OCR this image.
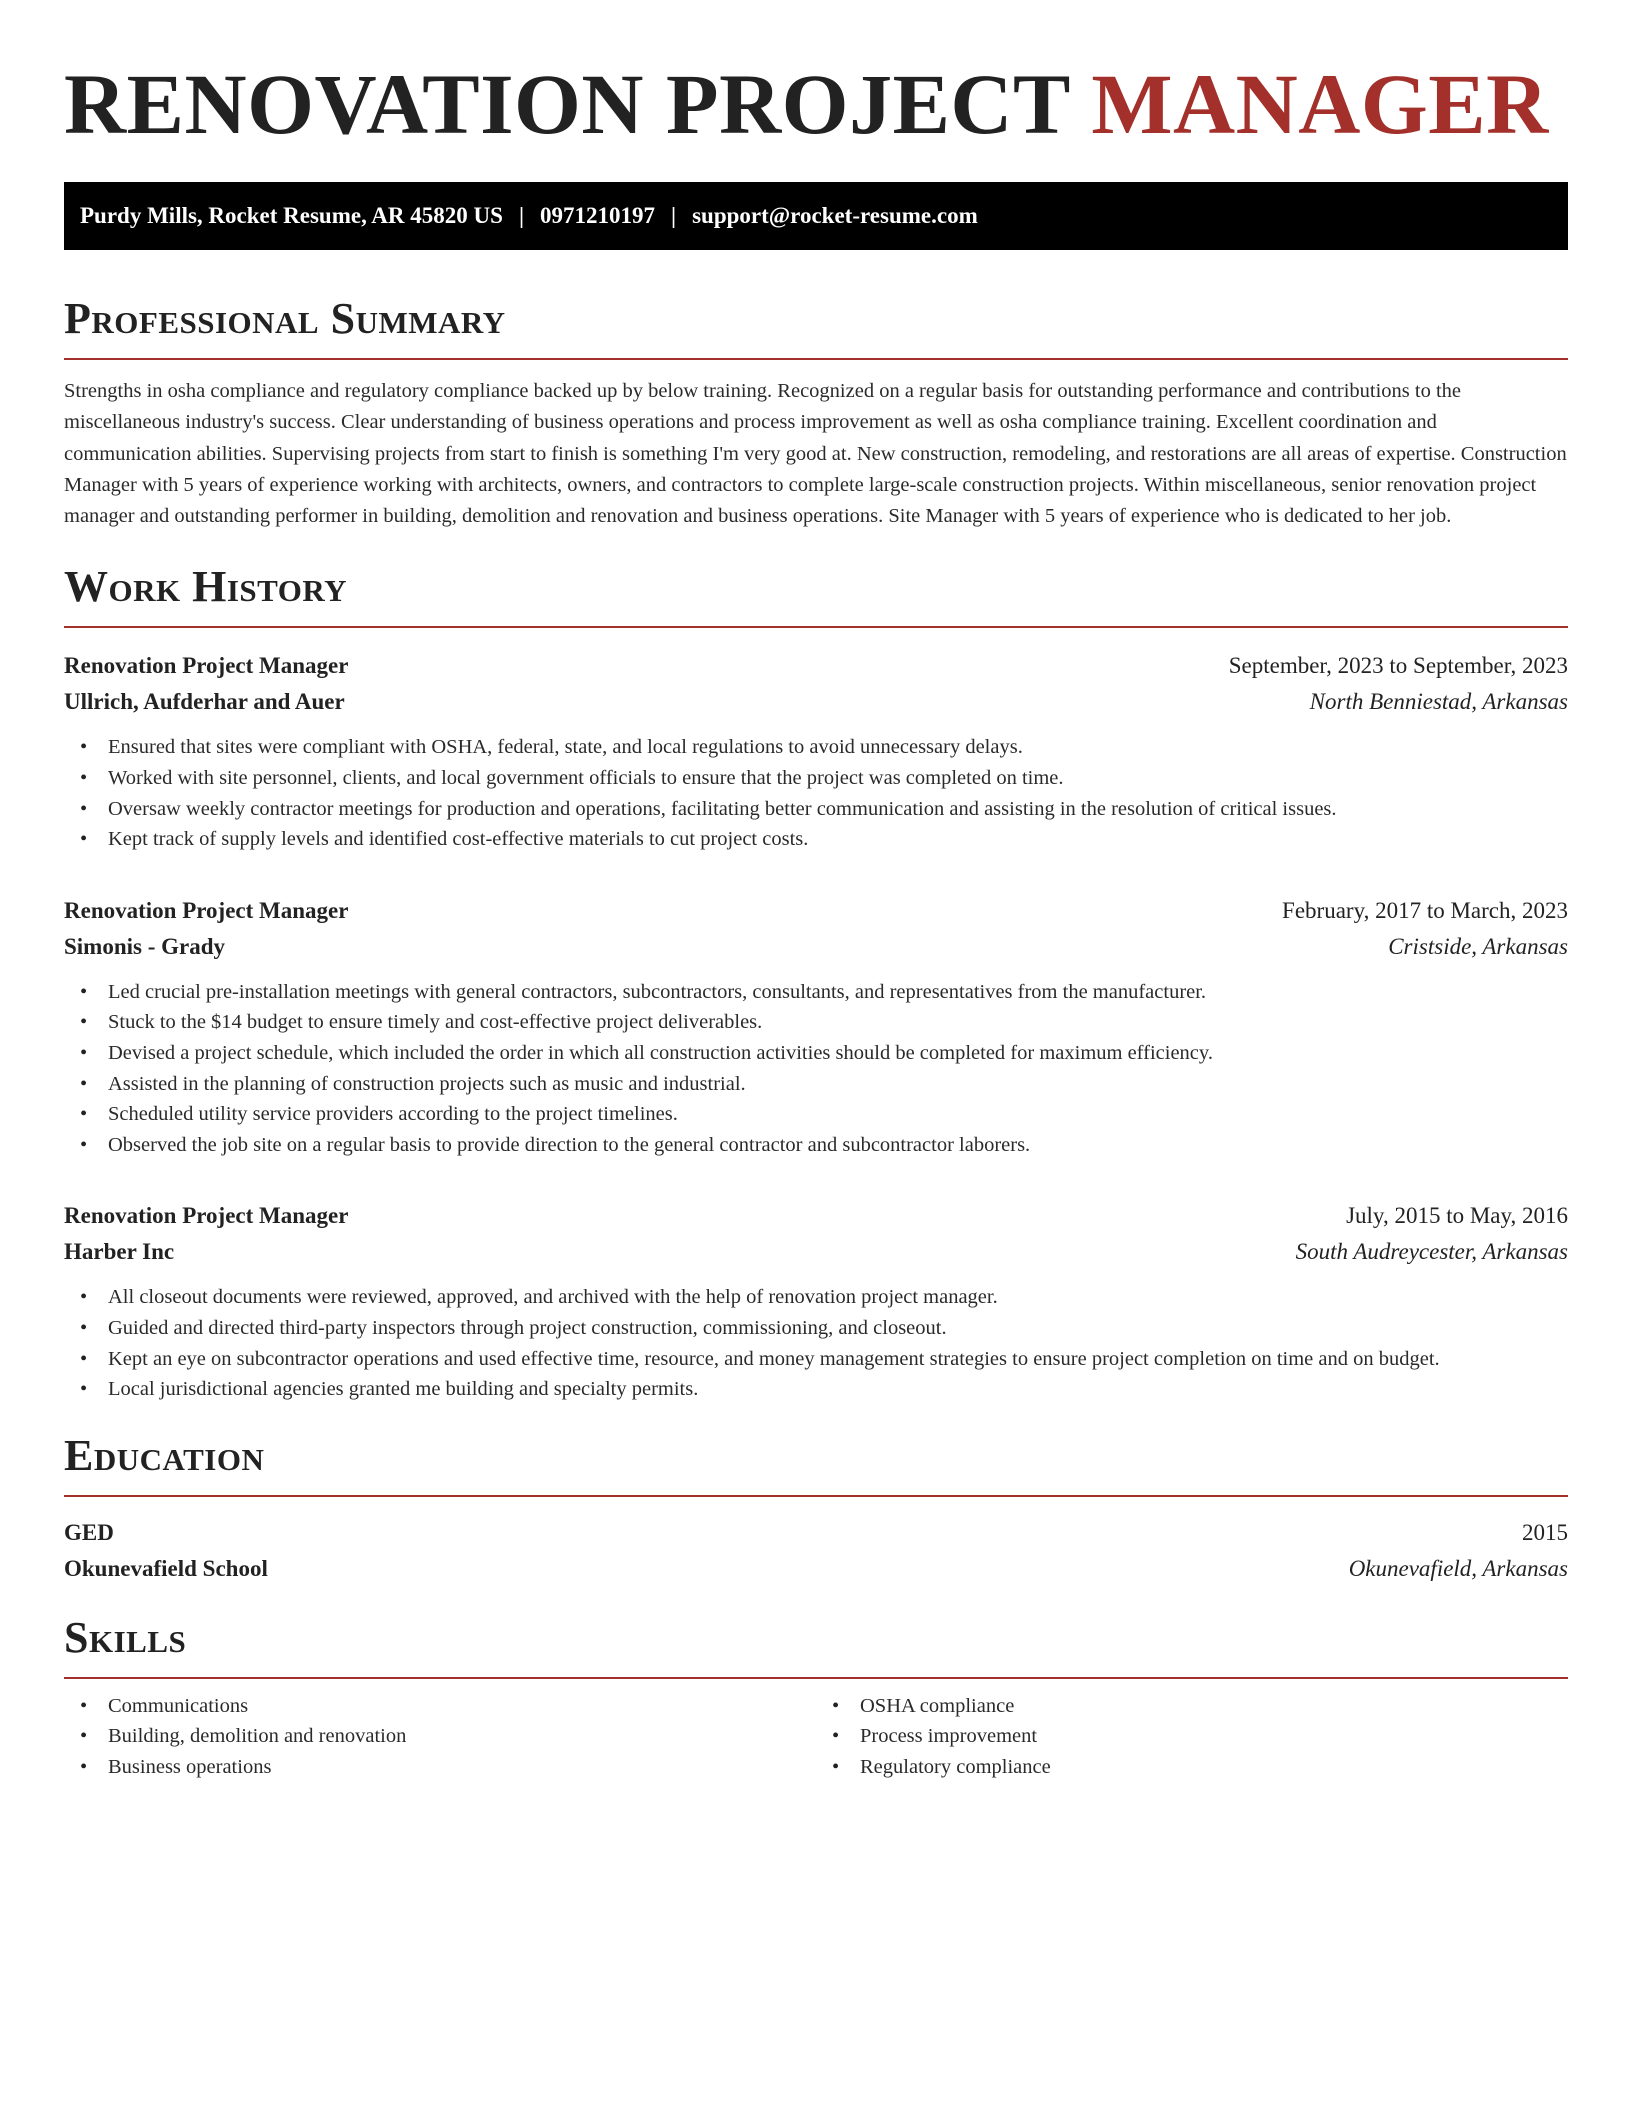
RENOVATION PROJECT MANAGER
Purdy Mills, Rocket Resume, AR 45820 US | 0971210197 | support@rocket-resume.com
Professional Summary

Strengths in osha compliance and regulatory compliance backed up by below training. Recognized on a regular basis for outstanding performance and contributions to the miscellaneous industry's success. Clear understanding of business operations and process improvement as well as osha compliance training. Excellent coordination and communication abilities. Supervising projects from start to finish is something I'm very good at. New construction, remodeling, and restorations are all areas of expertise. Construction Manager with 5 years of experience working with architects, owners, and contractors to complete large-scale construction projects. Within miscellaneous, senior renovation project manager and outstanding performer in building, demolition and renovation and business operations. Site Manager with 5 years of experience who is dedicated to her job.

Work History
Renovation Project Manager	September, 2023 to September, 2023
Ullrich, Aufderhar and Auer	North Benniestad, Arkansas
• Ensured that sites were compliant with OSHA, federal, state, and local regulations to avoid unnecessary delays.
• Worked with site personnel, clients, and local government officials to ensure that the project was completed on time.
• Oversaw weekly contractor meetings for production and operations, facilitating better communication and assisting in the resolution of critical issues.
• Kept track of supply levels and identified cost-effective materials to cut project costs.
Renovation Project Manager	February, 2017 to March, 2023
Simonis - Grady	Cristside, Arkansas
• Led crucial pre-installation meetings with general contractors, subcontractors, consultants, and representatives from the manufacturer.
• Stuck to the $14 budget to ensure timely and cost-effective project deliverables.
• Devised a project schedule, which included the order in which all construction activities should be completed for maximum efficiency.
• Assisted in the planning of construction projects such as music and industrial.
• Scheduled utility service providers according to the project timelines.
• Observed the job site on a regular basis to provide direction to the general contractor and subcontractor laborers.
Renovation Project Manager	July, 2015 to May, 2016
Harber Inc	South Audreycester, Arkansas
• All closeout documents were reviewed, approved, and archived with the help of renovation project manager.
• Guided and directed third-party inspectors through project construction, commissioning, and closeout.
• Kept an eye on subcontractor operations and used effective time, resource, and money management strategies to ensure project completion on time and on budget.
• Local jurisdictional agencies granted me building and specialty permits.
Education
GED	2015
Okunevafield School	Okunevafield, Arkansas
Skills
• Communications
• Building, demolition and renovation
• Business operations
• OSHA compliance
• Process improvement
• Regulatory compliance
